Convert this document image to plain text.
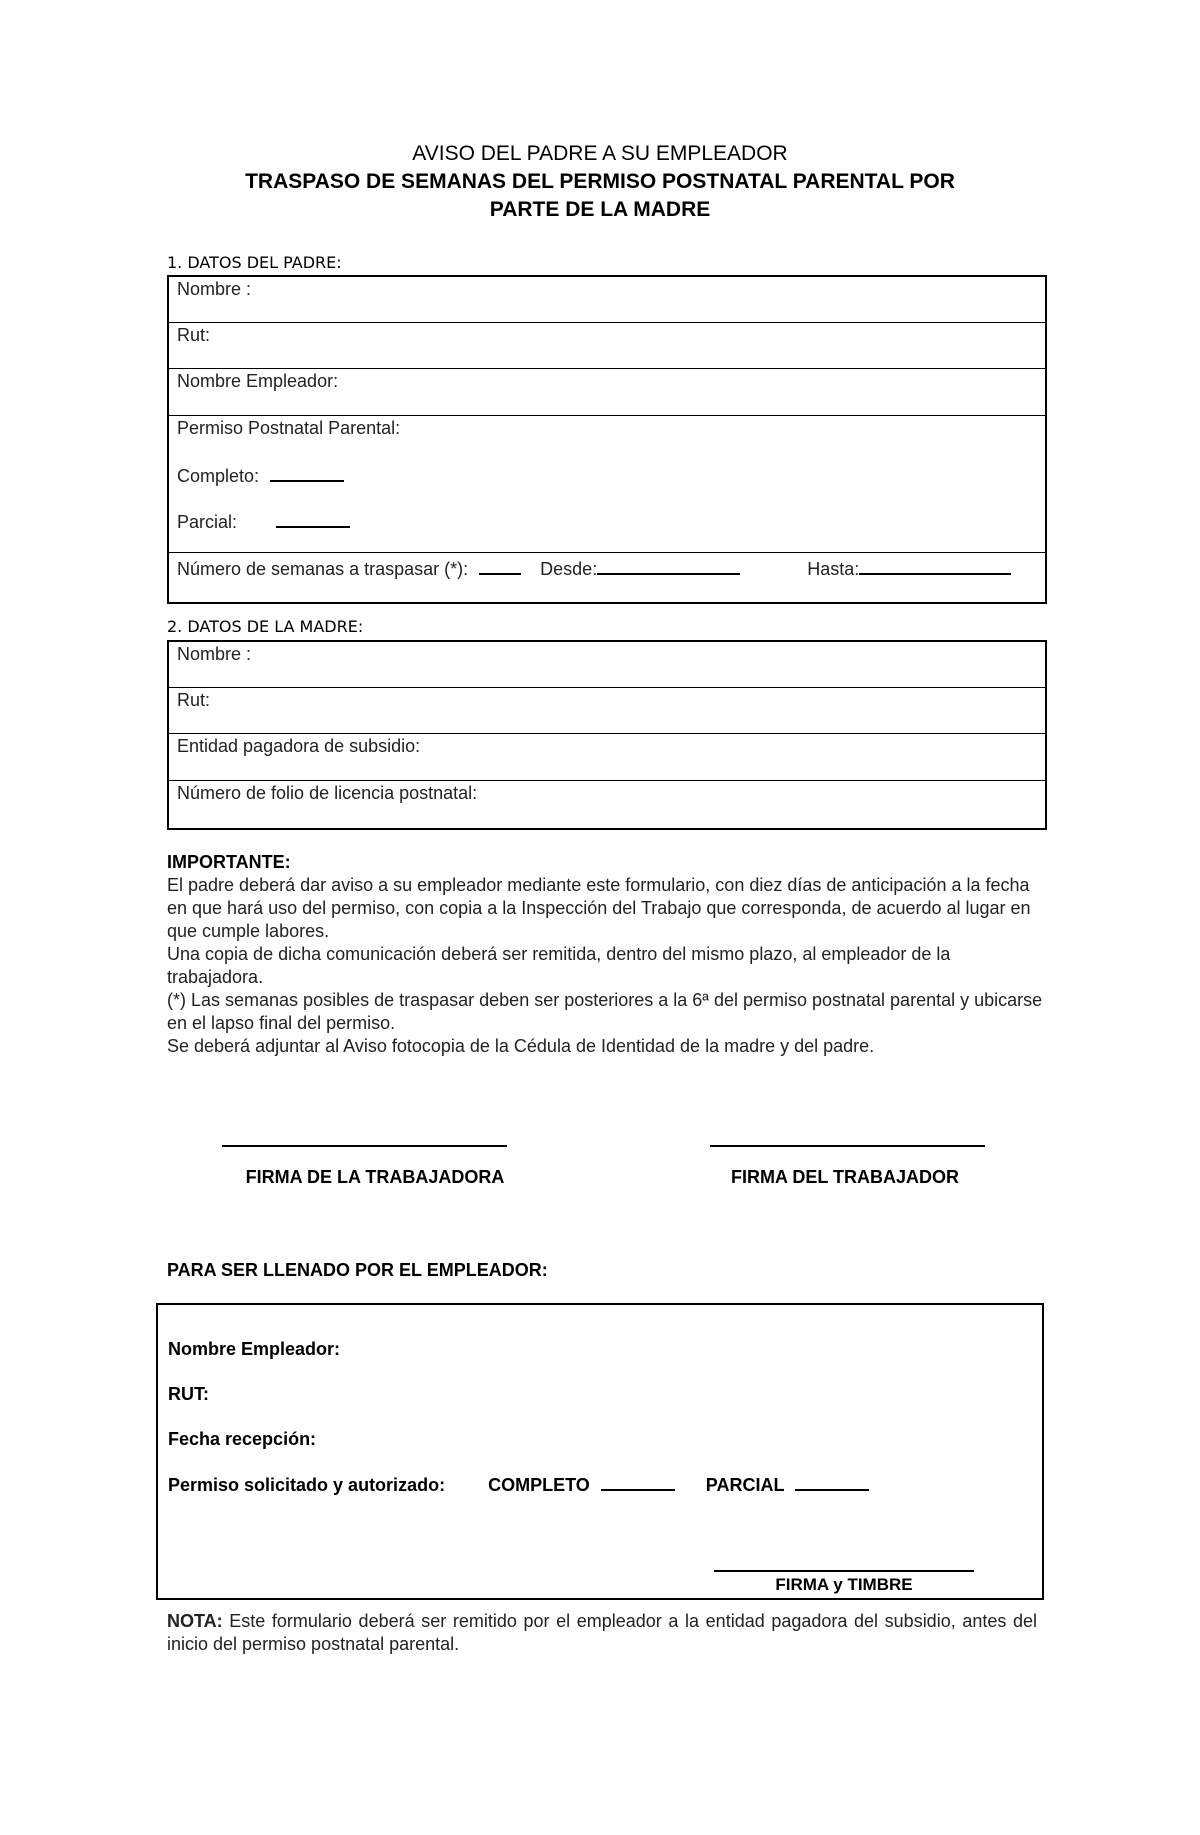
AVISO DEL PADRE A SU EMPLEADOR
TRASPASO DE SEMANAS DEL PERMISO POSTNATAL PARENTAL POR
PARTE DE LA MADRE
1. DATOS DEL PADRE:
Nombre :
Rut:
Nombre Empleador:
Permiso Postnatal Parental:
Completo:
Parcial:
Número de semanas a traspasar (*):	Desde:	Hasta:
2. DATOS DE LA MADRE:
Nombre :
Rut:
Entidad pagadora de subsidio:
Número de folio de licencia postnatal:
IMPORTANTE:
El padre deberá dar aviso a su empleador mediante este formulario, con diez días de anticipación a la fecha en que hará uso del permiso, con copia a la Inspección del Trabajo que corresponda, de acuerdo al lugar en que cumple labores.
Una copia de dicha comunicación deberá ser remitida, dentro del mismo plazo, al empleador de la trabajadora.
(*) Las semanas posibles de traspasar deben ser posteriores a la 6ª del permiso postnatal parental y ubicarse en el lapso final del permiso.
Se deberá adjuntar al Aviso fotocopia de la Cédula de Identidad de la madre y del padre.
FIRMA DE LA TRABAJADORA	FIRMA DEL TRABAJADOR
PARA SER LLENADO POR EL EMPLEADOR:
Nombre Empleador:
RUT:
Fecha recepción:
Permiso solicitado y autorizado: COMPLETO	PARCIAL
FIRMA y TIMBRE
NOTA: Este formulario deberá ser remitido por el empleador a la entidad pagadora del subsidio, antes del inicio del permiso postnatal parental.
